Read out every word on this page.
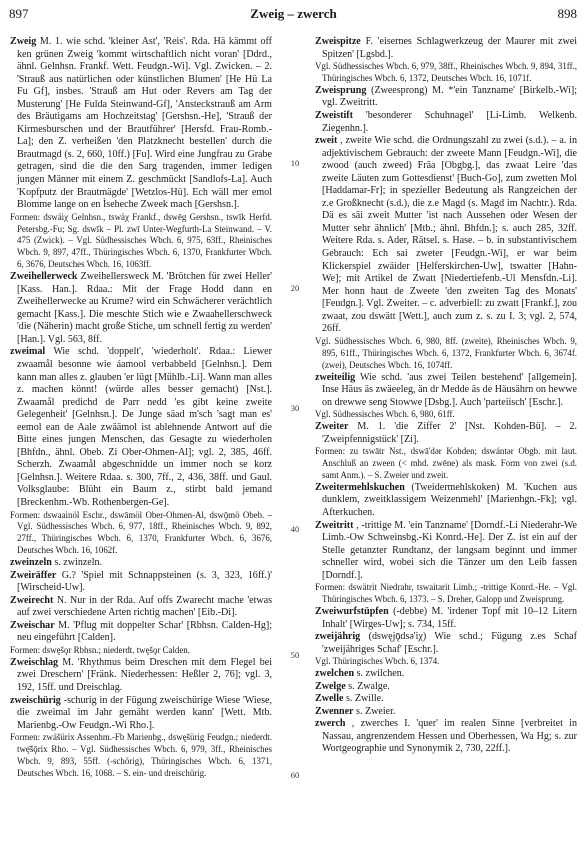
897	Zweig – zwerch	898
10
20
30
40
50
60

Zweig M. 1. wie schd. 'kleiner Ast', 'Reis'. Rda. Hä kämmt off ken grünen Zweig 'kommt wirtschaftlich nicht voran' [Ddrd., ähnl. Gelnhsn. Frankf. Wett. Feudgn.-Wi]. Vgl. Zwicken. – 2. 'Strauß aus natürlichen oder künstlichen Blumen' [He Hü La Fu Gf], insbes. 'Strauß am Hut oder Revers am Tag der Musterung' [He Fulda Steinwand-Gf], 'Ansteckstrauß am Arm des Bräutigams am Hochzeitstag' [Gershsn.-He], 'Strauß der Kirmesburschen und der Brautführer' [Hersfd. Frau-Romb.-La]; den Z. verheißen 'den Platzknecht bestellen' durch die Brautmagd (s. 2, 660, 10ff.) [Fu]. Wird eine Jungfrau zu Grabe getragen, sind die die den Sarg tragenden, immer ledigen jungen Männer mit einem Z. geschmückt [Sandlofs-La]. Auch 'Kopfputz der Brautmägde' [Wetzlos-Hü]. Ech wäll mer emol Blomme lange on en Ìseheche Zweek mach [Gershsn.].

Formen: dswäiχ Gelnhsn., tswäχ Frankf., dswēg Gershsn., tswīk Herfd. Petersbg.-Fu; Sg. dswīk – Pl. zwī Unter-Wegfurth-La Steinwand. – V. 475 (Zwick). – Vgl. Südhessisches Wbch. 6, 975, 63ff., Rheinisches Wbch. 9, 897, 47ff., Thüringisches Wbch. 6, 1370, Frankfurter Wbch. 6, 3676, Deutsches Wbch. 16, 1063ff.

Zweihellerweck Zweihellersweck M. 'Brötchen für zwei Heller' [Kass. Han.]. Rdaa.: Mit der Frage Hodd dann en Zweihellerwecke au Krume? wird ein Schwächerer verächtlich gemacht [Kass.]. Die meschte Stich wie e Zwaahellerschweck 'die (Näherin) macht große Stiche, um schnell fertig zu werden' [Han.]. Vgl. 563, 8ff.

zweimal Wie schd. 'doppelt', 'wiederholt'. Rdaa.: Liewer zwaamål besonne wie áamool verbabbeld [Gelnhsn.]. Dem kann man alles z. glauben 'er lügt [Mühlb.-Li]. Wann man alles z. machen könnt! (würde alles besser gemacht) [Nst.]. Zwaamål predichd de Parr nedd 'es gibt keine zweite Gelegenheit' [Gelnhsn.]. De Junge säad m'sch 'sagt man es' eemol ean de Aale zwäämol ist ablehnende Antwort auf die Bitte eines jungen Menschen, das Gesagte zu wiederholen [Bhfdn., ähnl. Obeb. Zi Ober-Ohmen-Al]; vgl. 2, 385, 46ff. Scherzh. Zwaamål abgeschnidde un immer noch se korz [Gelnhsn.]. Weitere Rdaa. s. 300, 7ff., 2, 436, 38ff. und Gaul. Volksglaube: Blüht ein Baum z., stirbt bald jemand [Breckenhm.-Wb. Rothenbergen-Ge].

Formen: dswaainöl Eschr., dswāmöl Ober-Ohmen-Al, dswǭmö Obeb. – Vgl. Südhessisches Wbch. 6, 977, 18ff., Rheinisches Wbch. 9, 892, 27ff., Thüringisches Wbch. 6, 1370, Frankfurter Wbch. 6, 3676, Deutsches Wbch. 16, 1062f.

zweinzeln s. zwinzeln.

Zweiräffer G.? 'Spiel mit Schnappsteinen (s. 3, 323, 16ff.)' [Wirscheid-Uw].

Zweirecht N. Nur in der Rda. Auf offs Zwarecht mache 'etwas auf zwei verschiedene Arten richtig machen' [Eib.-Di].

Zweischar M. 'Pflug mit doppelter Schar' [Rbhsn. Calden-Hg]; neu eingeführt [Calden].

Formen: dswęšǫr Rbhsn.; niederdt. twęšǫr Calden.

Zweischlag M. 'Rhythmus beim Dreschen mit dem Flegel bei zwei Dreschern' [Fränk. Niederhessen: Heßler 2, 76]; vgl. 3, 192, 15ff. und Dreischlag.

zweischürig -schurig in der Fügung zweischürige Wiese 'Wiese, die zweimal im Jahr gemäht werden kann' [Wett. Mtb. Marienbg.-Ow Feudgn.-Wi Rho.].

Formen: zwäšürix Assenhm.-Fb Marienbg., dswęšürig Feudgn.; niederdt. twę̄šǭrix Rho. – Vgl. Südhessisches Wbch. 6, 979, 3ff., Rheinisches Wbch. 9, 893, 55ff. (-schörig), Thüringisches Wbch. 6, 1371, Deutsches Wbch. 16, 1068. – S. ein- und dreischürig.

Zweispitze F. 'eisernes Schlagwerkzeug der Maurer mit zwei Spitzen' [Lgsbd.].

Vgl. Südhessisches Wbch. 6, 979, 38ff., Rheinisches Wbch. 9, 894, 31ff., Thüringisches Wbch. 6, 1372, Deutsches Wbch. 16, 1071f.

Zweisprung (Zweesprong) M. *'ein Tanzname' [Birkelb.-Wi]; vgl. Zweitritt.

Zweistift 'besonderer Schuhnagel' [Li-Limb. Welkenb. Ziegenhn.].

zweit , zweite Wie schd. die Ordnungszahl zu zwei (s.d.). – a. in adjektivischem Gebrauch: der zweete Mann [Feudgn.-Wi], die zwood (auch zweed) Fräa [Obgbg.], das zwaat Leire 'das zweite Läuten zum Gottesdienst' [Buch-Go], zum zwetten Mol [Haddamar-Fr]; in spezieller Bedeutung als Rangzeichen der z.e Großknecht (s.d.), die z.e Magd (s. Magd im Nachtr.). Rda. Dä es säi zweit Mutter 'ist nach Aussehen oder Wesen der Mutter sehr ähnlich' [Mtb.; ähnl. Bhfdn.]; s. auch 285, 32ff. Weitere Rda. s. Ader, Rätsel. s. Hase. – b. in substantivischem Gebrauch: Ech sai zweter [Feudgn.-Wi], er war beim Klickerspiel zwäider [Helferskirchen-Uw], tswatter [Hahn-We]; mit Artikel de Zwatt [Niedertiefenb.-Ul Mensfdn.-Li]. Mer honn haut de Zweete 'den zweiten Tag des Monats' [Feudgn.]. Vgl. Zweiter. – c. adverbiell: zu zwatt [Frankf.], zou zwaat, zou dswätt [Wett.], auch zum z. s. zu I. 3; vgl. 2, 574, 26ff.

Vgl. Südhessisches Wbch. 6, 980, 8ff. (zweite), Rheinisches Wbch. 9, 895, 61ff., Thüringisches Wbch. 6, 1372, Frankfurter Wbch. 6, 3674f. (zwei), Deutsches Wbch. 16, 1074ff.

zweiteilig Wie schd. 'aus zwei Teilen bestehend' [allgemein]. Inse Häus äs zwäeeleg, än dr Medde äs de Häusährn on hewwe on drewwe seng Stowwe [Dsbg.]. Auch 'parteiisch' [Eschr.].

Vgl. Südhessisches Wbch. 6, 980, 61ff.

Zweiter M. 1. 'die Ziffer 2' [Nst. Kohden-Bü]. – 2. 'Zweipfennigstück' [Zi].

Formen: zu tswātr Nst., dswā'dər Kohden; dswántər Obgb. mit laut. Anschluß an zween (< mhd. zwēne) als mask. Form von zwei (s.d. samt Anm.). – S. Zweier und zweit.

Zweitermehlskuchen (Tweidermehlskoken) M. 'Kuchen aus dunklem, zweitklassigem Weizenmehl' [Marienhgn.-Fk]; vgl. Afterkuchen.

Zweitritt , -trittige M. 'ein Tanzname' [Dorndf.-Li Niederahr-We Limb.-Ow Schweinsbg.-Ki Konrd.-He]. Der Z. ist ein auf der Stelle getanzter Rundtanz, der langsam beginnt und immer schneller wird, wobei sich die Tänzer um den Leib fassen [Dorndf.].

Formen: dswätrit Niedrahr, tswaitarit Limb.; -trittige Konrd.-He. – Vgl. Thüringisches Wbch. 6, 1373. – S. Dreher, Galopp und Zweisprung.

Zweiwurfstüpfen (-debbe) M. 'irdener Topf mit 10–12 Litern Inhalt' [Wirges-Uw]; s. 734, 15ff.

zweijährig (dswęjǭdsə'iχ) Wie schd.; Fügung z.es Schaf 'zweijähriges Schaf' [Eschr.].

Vgl. Thüringisches Wbch. 6, 1374.

zwelchen s. zwilchen.

Zwelge s. Zwalge.

Zwelle s. Zwille.

Zwenner s. Zweier.

zwerch , zwerches I. 'quer' im realen Sinne [verbreitet in Nassau, angrenzendem Hessen und Oberhessen, Wa Hg; s. zur Wortgeographie und Synonymik 2, 730, 22ff.].
